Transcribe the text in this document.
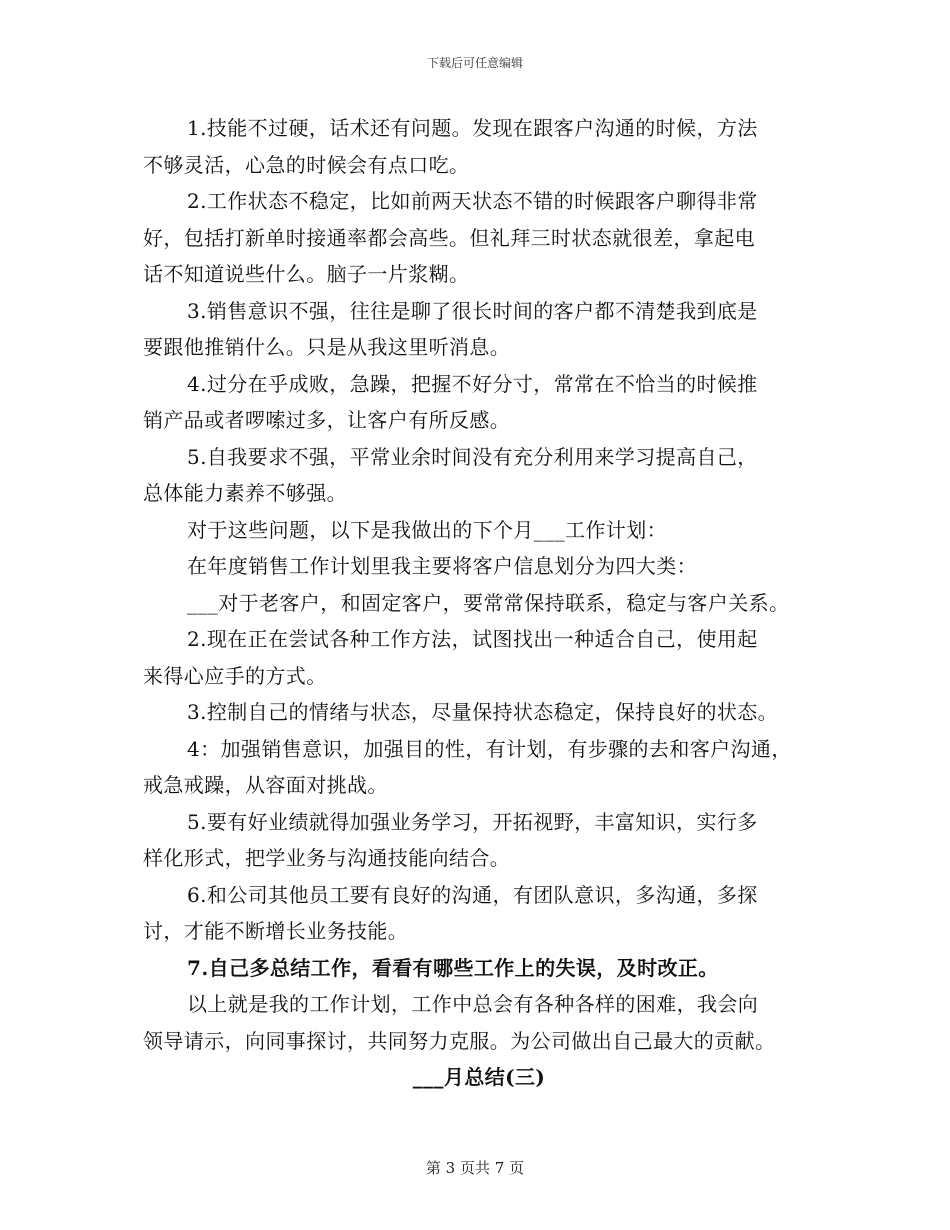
下载后可任意编辑
1.技能不过硬，话术还有问题。发现在跟客户沟通的时候，方法
不够灵活，心急的时候会有点口吃。
2.工作状态不稳定，比如前两天状态不错的时候跟客户聊得非常
好，包括打新单时接通率都会高些。但礼拜三时状态就很差，拿起电
话不知道说些什么。脑子一片浆糊。
3.销售意识不强，往往是聊了很长时间的客户都不清楚我到底是
要跟他推销什么。只是从我这里听消息。
4.过分在乎成败，急躁，把握不好分寸，常常在不恰当的时候推
销产品或者啰嗦过多，让客户有所反感。
5.自我要求不强，平常业余时间没有充分利用来学习提高自己，
总体能力素养不够强。
对于这些问题，以下是我做出的下个月___工作计划：
在年度销售工作计划里我主要将客户信息划分为四大类：
___对于老客户，和固定客户，要常常保持联系，稳定与客户关系。
2.现在正在尝试各种工作方法，试图找出一种适合自己，使用起
来得心应手的方式。
3.控制自己的情绪与状态，尽量保持状态稳定，保持良好的状态。
4：加强销售意识，加强目的性，有计划，有步骤的去和客户沟通，
戒急戒躁，从容面对挑战。
5.要有好业绩就得加强业务学习，开拓视野，丰富知识，实行多
样化形式，把学业务与沟通技能向结合。
6.和公司其他员工要有良好的沟通，有团队意识，多沟通，多探
讨，才能不断增长业务技能。
7.自己多总结工作，看看有哪些工作上的失误，及时改正。
以上就是我的工作计划，工作中总会有各种各样的困难，我会向
领导请示，向同事探讨，共同努力克服。为公司做出自己最大的贡献。
___月总结(三)
第 3 页共 7 页
